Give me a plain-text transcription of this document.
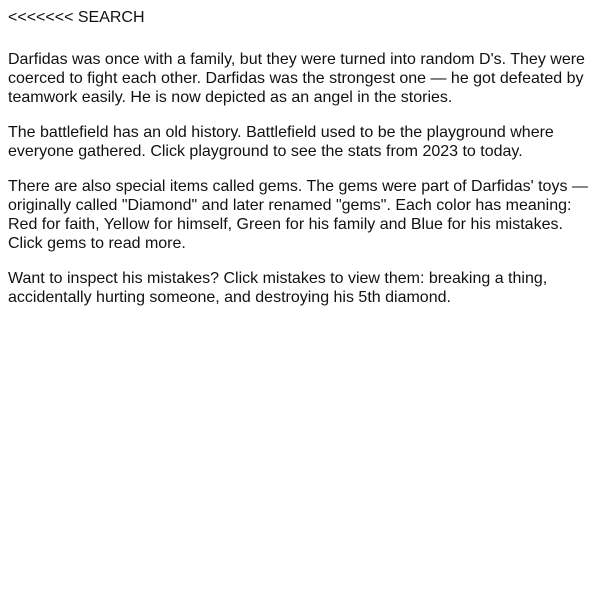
<<<<<<< SEARCH

Darfidas was once with a family, but they were turned into random D's. They were coerced to fight each other. Darfidas was the strongest one — he got defeated by teamwork easily. He is now depicted as an angel in the stories.

The battlefield has an old history. Battlefield used to be the playground where everyone gathered. Click playground to see the stats from 2023 to today.

There are also special items called gems. The gems were part of Darfidas' toys — originally called "Diamond" and later renamed "gems". Each color has meaning: Red for faith, Yellow for himself, Green for his family and Blue for his mistakes. Click gems to read more.

Want to inspect his mistakes? Click mistakes to view them: breaking a thing, accidentally hurting someone, and destroying his 5th diamond.
